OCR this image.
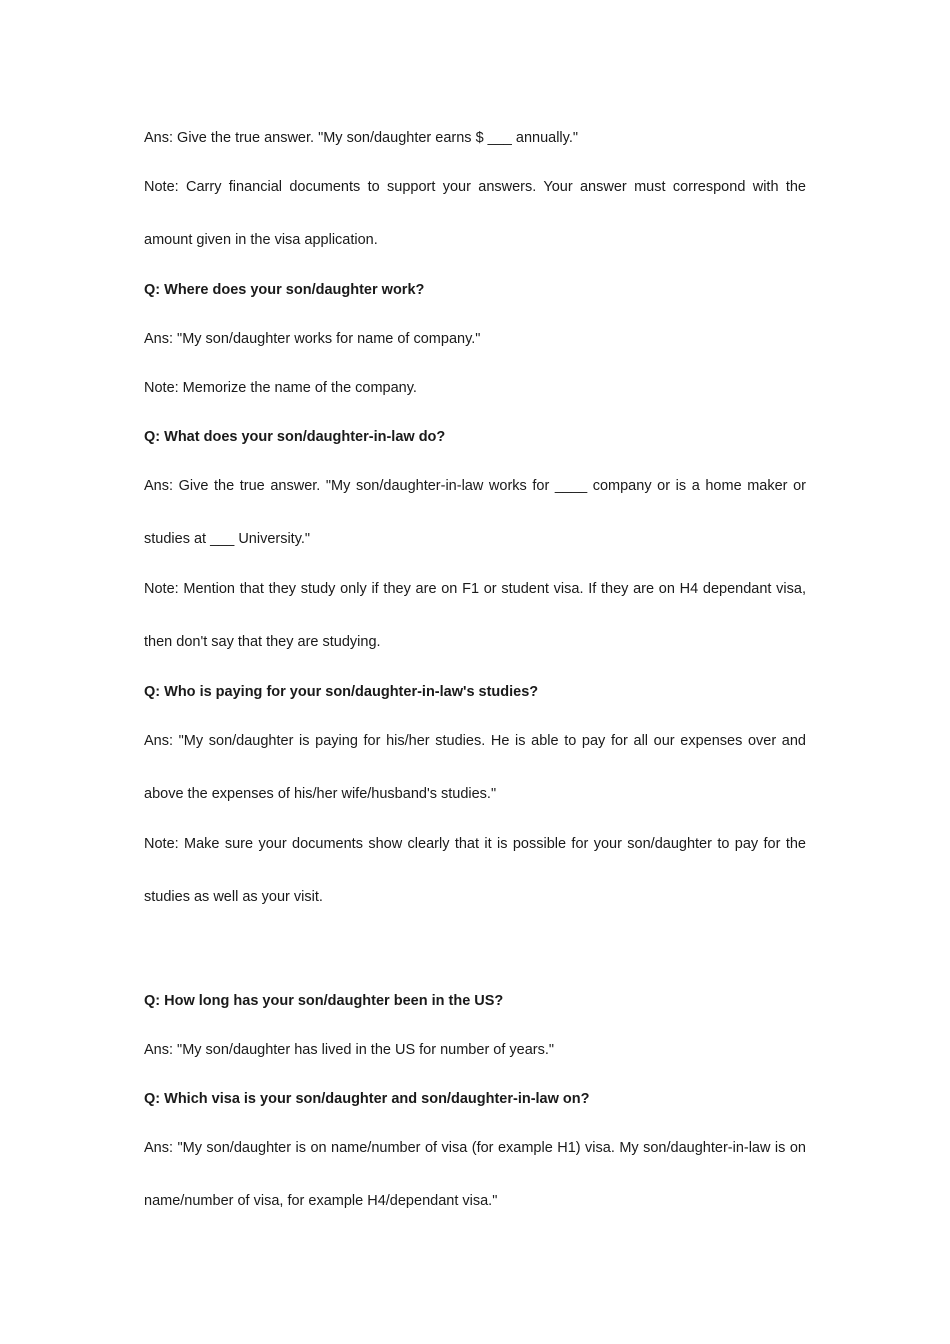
Ans: Give the true answer. "My son/daughter earns $ ___ annually."

Note: Carry financial documents to support your answers. Your answer must correspond with the amount given in the visa application.

Q: Where does your son/daughter work?

Ans: "My son/daughter works for name of company."

Note: Memorize the name of the company.

Q: What does your son/daughter-in-law do?

Ans: Give the true answer. "My son/daughter-in-law works for ____ company or is a home maker or studies at ___ University."

Note: Mention that they study only if they are on F1 or student visa. If they are on H4 dependant visa, then don't say that they are studying.

Q: Who is paying for your son/daughter-in-law's studies?

Ans: "My son/daughter is paying for his/her studies. He is able to pay for all our expenses over and above the expenses of his/her wife/husband's studies."

Note: Make sure your documents show clearly that it is possible for your son/daughter to pay for the studies as well as your visit.

Q: How long has your son/daughter been in the US?

Ans: "My son/daughter has lived in the US for number of years."

Q: Which visa is your son/daughter and son/daughter-in-law on?

Ans: "My son/daughter is on name/number of visa (for example H1) visa. My son/daughter-in-law is on name/number of visa, for example H4/dependant visa."
